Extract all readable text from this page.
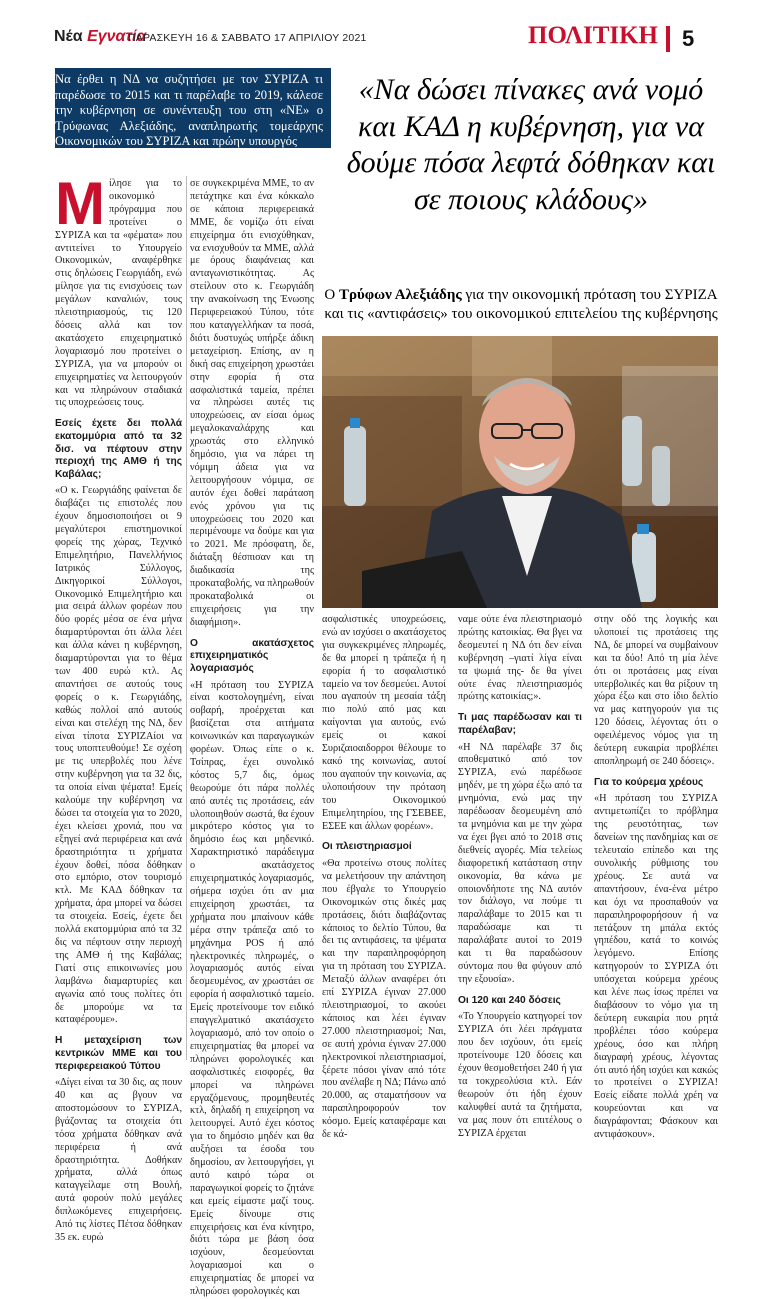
Νέα Εγνατία
ΠΑΡΑΣΚΕΥΗ 16 & ΣΑΒΒΑΤΟ 17 ΑΠΡΙΛΙΟΥ 2021	ΠΟΛΙΤΙΚΗ 5
Να έρθει η ΝΔ να συζητήσει με τον ΣΥΡΙΖΑ τι παρέδωσε το 2015 και τι παρέλαβε το 2019, κάλεσε την κυβέρνηση σε συνέντευξη του στη «ΝΕ» ο Τρύφωνας Αλεξιάδης, αναπληρωτής τομεάρχης Οικονομικών του ΣΥΡΙΖΑ και πρώην υπουργός
«Να δώσει πίνακες ανά νομό και ΚΑΔ η κυβέρνηση, για να δούμε πόσα λεφτά δόθηκαν και σε ποιους κλάδους»
Ο Τρύφων Αλεξιάδης για την οικονομική πρόταση του ΣΥΡΙΖΑ και τις «αντιφάσεις» του οικονομικού επιτελείου της κυβέρνησης
Μ ίλησε για το οικονομικό πρόγραμμα που προτείνει ο ΣΥΡΙΖΑ και τα «φέματα» που αντιτείνει το Υπουργείο Οικονομικών, αναφέρθηκε στις δηλώσεις Γεωργιάδη, ενώ μίλησε για τις ενισχύσεις των μεγάλων καναλιών, τους πλειστηριασμούς, τις 120 δόσεις αλλά και τον ακατάσχετο επιχειρηματικό λογαριασμό που προτείνει ο ΣΥΡΙΖΑ, για να μπορούν οι επιχειρηματίες να λειτουργούν και να πληρώνουν σταδιακά τις υποχρεώσεις τους.

Εσείς έχετε δει πολλά εκατομμύρια από τα 32 δισ. να πέφτουν στην περιοχή της ΑΜΘ ή της Καβάλας;

«Ο κ. Γεωργιάδης φαίνεται δε διαβάζει τις επιστολές που έχουν δημοσιοποιήσει οι 9 μεγαλύτεροι επιστημονικοί φορείς της χώρας, Τεχνικό Επιμελητήριο, Πανελλήνιος Ιατρικός Σύλλογος, Δικηγορικοί Σύλλογοι, Οικονομικό Επιμελητήριο και μια σειρά άλλων φορέων που δύο φορές μέσα σε ένα μήνα διαμαρτύρονται ότι άλλα λέει και άλλα κάνει η κυβέρνηση, διαμαρτύρονται για το θέμα των 400 ευρώ κτλ. Ας απαντήσει σε αυτούς τους φορείς ο κ. Γεωργιάδης, καθώς πολλοί από αυτούς είναι και στελέχη της ΝΔ, δεν είναι τίποτα ΣΥΡΙΖΑίοι να τους υποπτευθούμε! Σε σχέση με τις υπερβολές που λένε στην κυβέρνηση για τα 32 δις, τα οποία είναι ψέματα! Εμείς καλούμε την κυβέρνηση να δώσει τα στοιχεία για το 2020, έχει κλείσει χρονιά, που να εξηγεί ανά περιφέρεια και ανά δραστηριότητα τι χρήματα έχουν δοθεί, πόσα δόθηκαν στο εμπόριο, στον τουρισμό κτλ. Με ΚΑΔ δόθηκαν τα χρήματα, άρα μπορεί να δώσει τα στοιχεία. Εσείς, έχετε δει πολλά εκατομμύρια από τα 32 δις να πέφτουν στην περιοχή της ΑΜΘ ή της Καβάλας; Γιατί στις επικοινωνίες μου λαμβάνω διαμαρτυρίες και αγωνία από τους πολίτες ότι δε μπορούμε να τα καταφέρουμε».

Η μεταχείριση των κεντρικών ΜΜΕ και του περιφερειακού Τύπου

«Δίγει είναι τα 30 δις, ας πουν 40 και ας βγουν να αποστομώσουν το ΣΥΡΙΖΑ, βγάζοντας τα στοιχεία ότι τόσα χρήματα δόθηκαν ανά περιφέρεια ή ανά δραστηριότητα. Δοθήκαν χρήματα, αλλά όπως καταγγείλαμε στη Βουλή, αυτά φορούν πολύ μεγάλες διπλωκόμενες επιχειρήσεις. Από τις λίστες Πέτσα δόθηκαν 35 εκ. ευρώ

σε συγκεκριμένα ΜΜΕ, το αν πετάχτηκε και ένα κόκκαλο σε κάποια περιφερειακά ΜΜΕ, δε νομίζω ότι είναι επιχείρημα ότι ενισχύθηκαν, να ενισχυθούν τα ΜΜΕ, αλλά με όρους διαφάνειας και ανταγωνιστικότητας. Ας στείλουν στο κ. Γεωργιάδη την ανακοίνωση της Ένωσης Περιφερειακού Τύπου, τότε που καταγγελλήκαν τα ποσά, διότι δυστυχώς υπήρξε άδικη μεταχείριση. Επίσης, αν η δική σας επιχείρηση χρωστάει στην εφορία ή στα ασφαλιστικά ταμεία, πρέπει να πληρώσει αυτές τις υποχρεώσεις, αν είσαι όμως μεγαλοκαναλάρχης και χρωστάς στο ελληνικό δημόσιο, για να πάρει τη νόμιμη άδεια για να λειτουργήσουν νόμιμα, σε αυτόν έχει δοθεί παράταση ενός χρόνου για τις υποχρεώσεις του 2020 και περιμένουμε να δούμε και για το 2021. Με πρόσφατη, δε, διάταξη θέσπισαν και τη διαδικασία της προκαταβολής, να πληρωθούν προκαταβολικά οι επιχειρήσεις για την διαφήμιση».

Ο ακατάσχετος επιχειρηματικός λογαριασμός

«Η πρόταση του ΣΥΡΙΖΑ είναι κοστολογημένη, είναι σοβαρή, προέρχεται και βασίζεται στα αιτήματα κοινωνικών και παραγωγικών φορέων. Όπως είπε ο κ. Τσίπρας, έχει συνολικό κόστος 5,7 δις, όμως θεωρούμε ότι πάρα πολλές από αυτές τις προτάσεις, εάν υλοποιηθούν σωστά, θα έχουν μικρότερο κόστος για το δημόσιο έως και μηδενικό. Χαρακτηριστικό παράδειγμα ο ακατάσχετος επιχειρηματικός λογαριασμός, σήμερα ισχύει ότι αν μια επιχείρηση χρωστάει, τα χρήματα που μπαίνουν κάθε μέρα στην τράπεζα από το μηχάνημα POS ή από ηλεκτρονικές πληρωμές, ο λογαριασμός αυτός είναι δεσμευμένος, αν χρωστάει σε εφορία ή ασφαλιστικό ταμείο. Εμείς προτείνουμε τον ειδικό επαγγελματικό ακατάσχετο λογαριασμό, από τον οποίο ο επιχειρηματίας θα μπορεί να πληρώνει φορολογικές και ασφαλιστικές εισφορές, θα μπορεί να πληρώνει εργαζόμενους, προμηθευτές κτλ, δηλαδή η επιχείρηση να λειτουργεί. Αυτό έχει κόστος για το δημόσιο μηδέν και θα αυξήσει τα έσοδα του δημοσίου, αν λειτουργήσει, γι αυτό καιρό τώρα οι παραγωγικοί φορείς το ζητάνε και εμείς είμαστε μαζί τους. Εμείς δίνουμε στις επιχειρήσεις και ένα κίνητρο, διότι τώρα με βάση όσα ισχύουν, δεσμεύονται λογαριασμοί και ο επιχειρηματίας δε μπορεί να πληρώσει φορολογικές και

ασφαλιστικές υποχρεώσεις, ενώ αν ισχύσει ο ακατάσχετος για συγκεκριμένες πληρωμές, δε θα μπορεί η τράπεζα ή η εφορία ή το ασφαλιστικό ταμείο να τον δεσμεύει. Αυτοί που αγαπούν τη μεσαία τάξη πιο πολύ από μας και καίγονται για αυτούς, ενώ εμείς οι κακοί Συριζαιοαιδορροι θέλουμε το κακό της κοινωνίας, αυτοί που αγαπούν την κοινωνία, ας υλοποιήσουν την πρόταση του Οικονομικού Επιμελητηρίου, της ΓΣΕΒΕΕ, ΕΣΕΕ και άλλων φορέων».

Οι πλειστηριασμοί

«Θα προτείνω στους πολίτες να μελετήσουν την απάντηση που έβγαλε το Υπουργείο Οικονομικών στις δικές μας προτάσεις, διότι διαβάζοντας κάποιος το δελτίο Τύπου, θα δει τις αντιφάσεις, τα ψέματα και την παραπληροφόρηση για τη πρόταση του ΣΥΡΙΖΑ. Μεταξύ άλλων αναφέρει ότι επί ΣΥΡΙΖΑ έγιναν 27.000 πλειστηριασμοί, το ακούει κάποιος και λέει έγιναν 27.000 πλειστηριασμοί; Ναι, σε αυτή χρόνια έγιναν 27.000 ηλεκτρονικοί πλειστηριασμοί, ξέρετε πόσοι γίναν από τότε που ανέλαβε η ΝΔ; Πάνω από 20.000, ας σταματήσουν να παραπληροφορούν τον κόσμο. Εμείς καταφέραμε και δε κά-

ναμε ούτε ένα πλειστηριασμό πρώτης κατοικίας. Θα βγει να δεσμευτεί η ΝΔ ότι δεν είναι κυβέρνηση –γιατί λίγα είναι τα ψωμιά της- δε θα γίνει ούτε ένας πλειστηριασμός πρώτης κατοικίας;».

Τι μας παρέδωσαν και τι παρέλαβαν;

«Η ΝΔ παρέλαβε 37 δις αποθεματικό από τον ΣΥΡΙΖΑ, ενώ παρέδωσε μηδέν, με τη χώρα έξω από τα μνημόνια, ενώ μας την παρέδωσαν δεσμευμένη από τα μνημόνια και με την χώρα να έχει βγει από το 2018 στις διεθνείς αγορές. Μία τελείως διαφορετική κατάσταση στην οικονομία, θα κάνω με οποιονδήποτε της ΝΔ αυτόν τον διάλογο, να πούμε τι παραλάβαμε το 2015 και τι παραδώσαμε και τι παραλάβατε αυτοί το 2019 και τι θα παραδώσουν σύντομα που θα φύγουν από την εξουσία».

Οι 120 και 240 δόσεις

«Το Υπουργείο κατηγορεί τον ΣΥΡΙΖΑ ότι λέει πράγματα που δεν ισχύουν, ότι εμείς προτείνουμε 120 δόσεις και έχουν θεσμοθετήσει 240 ή για τα τοκχρεολύσια κτλ. Εάν θεωρούν ότι ήδη έχουν καλυφθεί αυτά τα ζητήματα, να μας πουν ότι επιτέλους ο ΣΥΡΙΖΑ έρχεται

στην οδό της λογικής και υλοποιεί τις προτάσεις της ΝΔ, δε μπορεί να συμβαίνουν και τα δύο! Από τη μία λένε ότι οι προτάσεις μας είναι υπερβολικές και θα ρίξουν τη χώρα έξω και στο ίδιο δελτίο να μας κατηγορούν για τις 120 δόσεις, λέγοντας ότι ο οφειλέμενος νόμος για τη δεύτερη ευκαιρία προβλέπει αποπληρωμή σε 240 δόσεις».

Για το κούρεμα χρέους

«Η πρόταση του ΣΥΡΙΖΑ αντιμετωπίζει το πρόβλημα της ρευστότητας, των δανείων της πανδημίας και σε τελευταίο επίπεδο και της συνολικής ρύθμισης του χρέους. Σε αυτά να απαντήσουν, ένα-ένα μέτρο και όχι να προσπαθούν να παραπληροφορήσουν ή να πετάξουν τη μπάλα εκτός γηπέδου, κατά το κοινώς λεγόμενο. Επίσης κατηγορούν το ΣΥΡΙΖΑ ότι υπόσχεται κούρεμα χρέους και λένε πως ίσως πρέπει να διαβάσουν το νόμο για τη δεύτερη ευκαιρία που ρητά προβλέπει τόσο κούρεμα χρέους, όσο και πλήρη διαγραφή χρέους, λέγοντας ότι αυτό ήδη ισχύει και κακώς το προτείνει ο ΣΥΡΙΖΑ! Εσείς είδατε πολλά χρέη να κουρεύονται και να διαγράφονται; Φάσκουν και αντιφάσκουν».
